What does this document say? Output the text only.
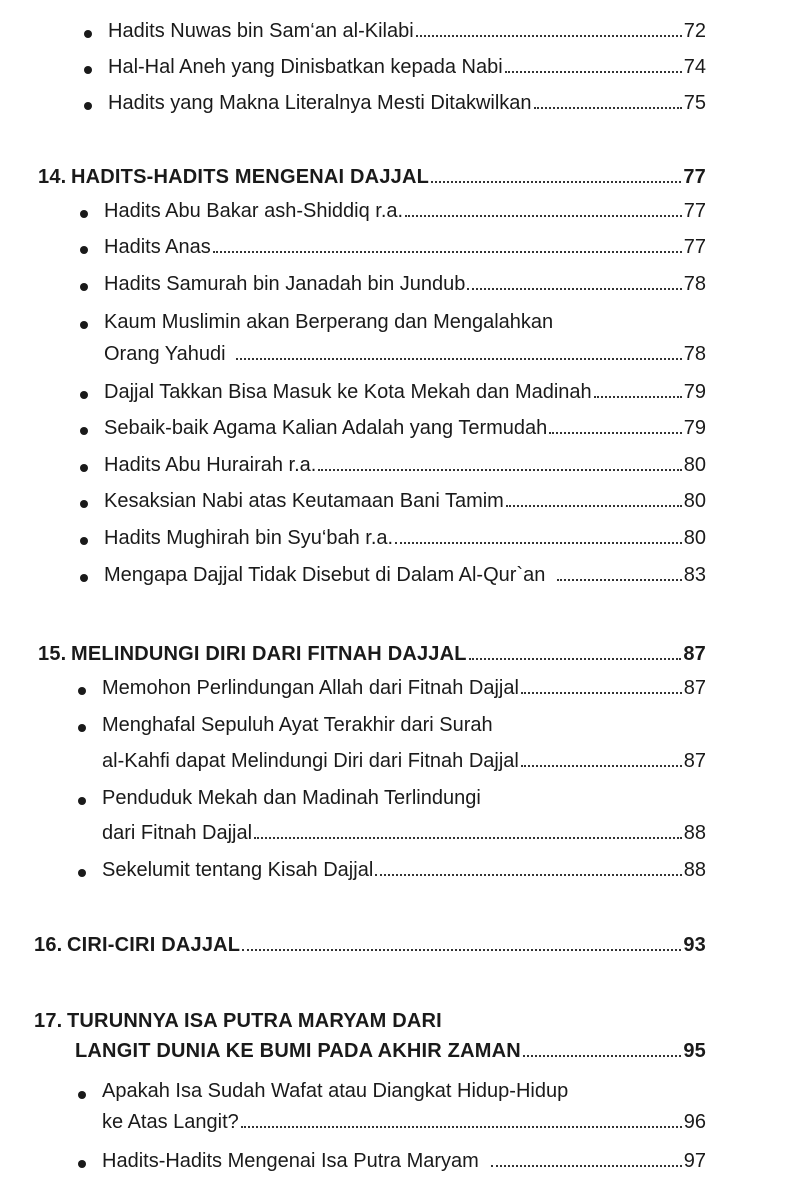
Hadits Nuwas bin Sam‘an al-Kilabi	72
Hal-Hal Aneh yang Dinisbatkan kepada Nabi	74
Hadits yang Makna Literalnya Mesti Ditakwilkan	75
14. HADITS-HADITS MENGENAI DAJJAL	77
Hadits Abu Bakar ash-Shiddiq r.a.	77
Hadits Anas	77
Hadits Samurah bin Janadah bin Jundub	78
Kaum Muslimin akan Berperang dan Mengalahkan
Orang Yahudi	78
Dajjal Takkan Bisa Masuk ke Kota Mekah dan Madinah	79
Sebaik-baik Agama Kalian Adalah yang Termudah	79
Hadits Abu Hurairah r.a.	80
Kesaksian Nabi atas Keutamaan Bani Tamim	80
Hadits Mughirah bin Syu‘bah r.a.	80
Mengapa Dajjal Tidak Disebut di Dalam Al-Qur`an	83
15. MELINDUNGI DIRI DARI FITNAH DAJJAL	87
Memohon Perlindungan Allah dari Fitnah Dajjal	87
Menghafal Sepuluh Ayat Terakhir dari Surah
al-Kahfi dapat Melindungi Diri dari Fitnah Dajjal	87
Penduduk Mekah dan Madinah Terlindungi
dari Fitnah Dajjal	88
Sekelumit tentang Kisah Dajjal	88
16. CIRI-CIRI DAJJAL	93
17. TURUNNYA ISA PUTRA MARYAM DARI
LANGIT DUNIA KE BUMI PADA AKHIR ZAMAN	95
Apakah Isa Sudah Wafat atau Diangkat Hidup-Hidup
ke Atas Langit?	96
Hadits-Hadits Mengenai Isa Putra Maryam	97
